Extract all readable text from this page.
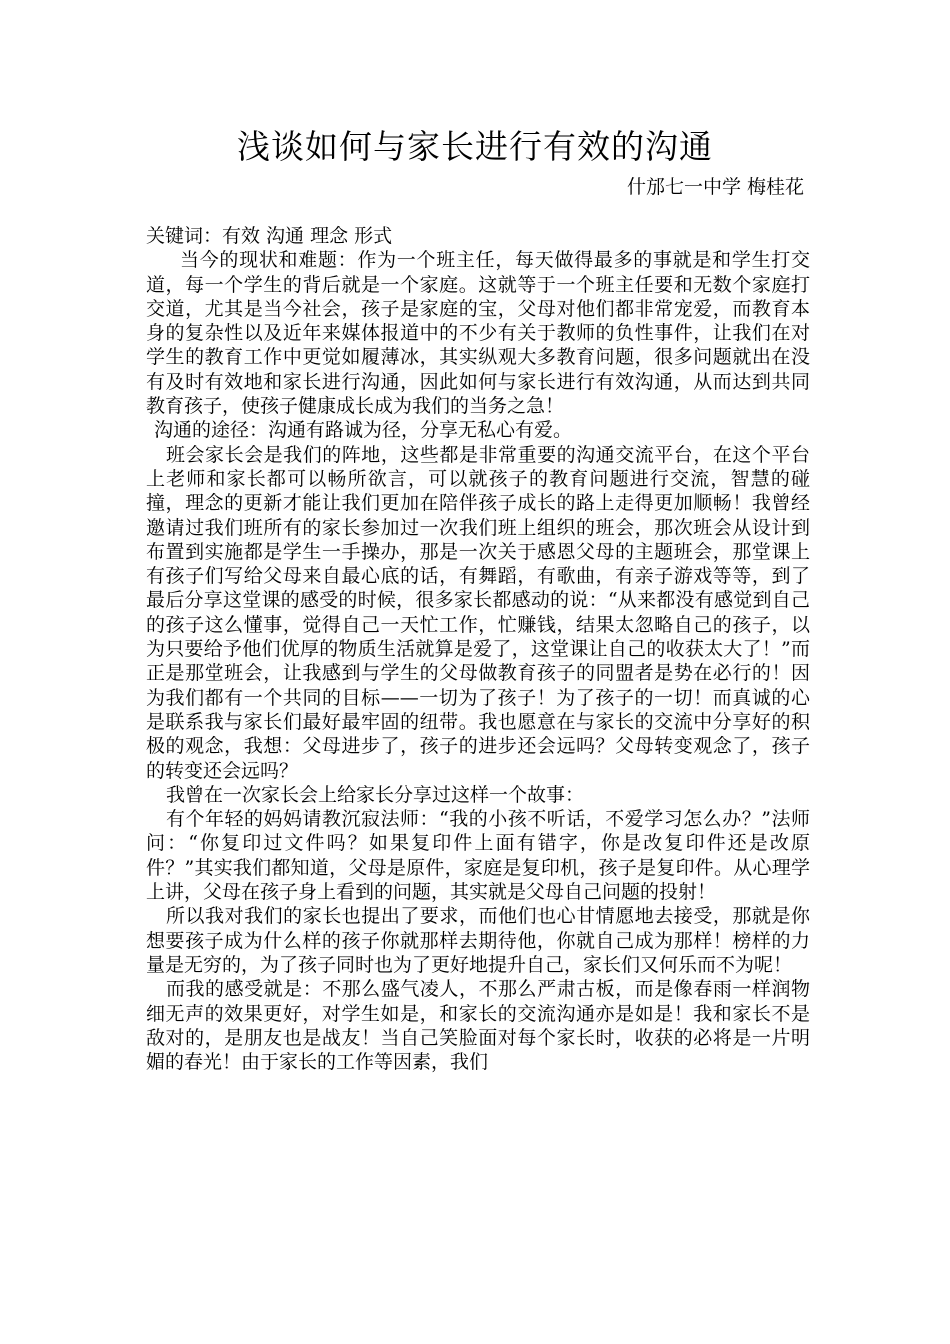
浅谈如何与家长进行有效的沟通
什邡七一中学 梅桂花

关键词：有效 沟通 理念 形式

当今的现状和难题：作为一个班主任，每天做得最多的事就是和学生打交道，每一个学生的背后就是一个家庭。这就等于一个班主任要和无数个家庭打交道，尤其是当今社会，孩子是家庭的宝，父母对他们都非常宠爱，而教育本身的复杂性以及近年来媒体报道中的不少有关于教师的负性事件，让我们在对学生的教育工作中更觉如履薄冰，其实纵观大多教育问题，很多问题就出在没有及时有效地和家长进行沟通，因此如何与家长进行有效沟通，从而达到共同教育孩子，使孩子健康成长成为我们的当务之急！

沟通的途径：沟通有路诚为径，分享无私心有爱。

班会家长会是我们的阵地，这些都是非常重要的沟通交流平台，在这个平台上老师和家长都可以畅所欲言，可以就孩子的教育问题进行交流，智慧的碰撞，理念的更新才能让我们更加在陪伴孩子成长的路上走得更加顺畅！我曾经邀请过我们班所有的家长参加过一次我们班上组织的班会，那次班会从设计到布置到实施都是学生一手操办，那是一次关于感恩父母的主题班会，那堂课上有孩子们写给父母来自最心底的话，有舞蹈，有歌曲，有亲子游戏等等，到了最后分享这堂课的感受的时候，很多家长都感动的说：“从来都没有感觉到自己的孩子这么懂事，觉得自己一天忙工作，忙赚钱，结果太忽略自己的孩子，以为只要给予他们优厚的物质生活就算是爱了，这堂课让自己的收获太大了！”而正是那堂班会，让我感到与学生的父母做教育孩子的同盟者是势在必行的！因为我们都有一个共同的目标——一切为了孩子！为了孩子的一切！而真诚的心是联系我与家长们最好最牢固的纽带。我也愿意在与家长的交流中分享好的积极的观念，我想：父母进步了，孩子的进步还会远吗？父母转变观念了，孩子的转变还会远吗？

我曾在一次家长会上给家长分享过这样一个故事：

有个年轻的妈妈请教沉寂法师：“我的小孩不听话，不爱学习怎么办？”法师问：“你复印过文件吗？如果复印件上面有错字，你是改复印件还是改原件？”其实我们都知道，父母是原件，家庭是复印机，孩子是复印件。从心理学上讲，父母在孩子身上看到的问题，其实就是父母自己问题的投射！

所以我对我们的家长也提出了要求，而他们也心甘情愿地去接受，那就是你想要孩子成为什么样的孩子你就那样去期待他，你就自己成为那样！榜样的力量是无穷的，为了孩子同时也为了更好地提升自己，家长们又何乐而不为呢！

而我的感受就是：不那么盛气凌人，不那么严肃古板，而是像春雨一样润物细无声的效果更好，对学生如是，和家长的交流沟通亦是如是！我和家长不是敌对的，是朋友也是战友！当自己笑脸面对每个家长时，收获的必将是一片明媚的春光！由于家长的工作等因素，我们
